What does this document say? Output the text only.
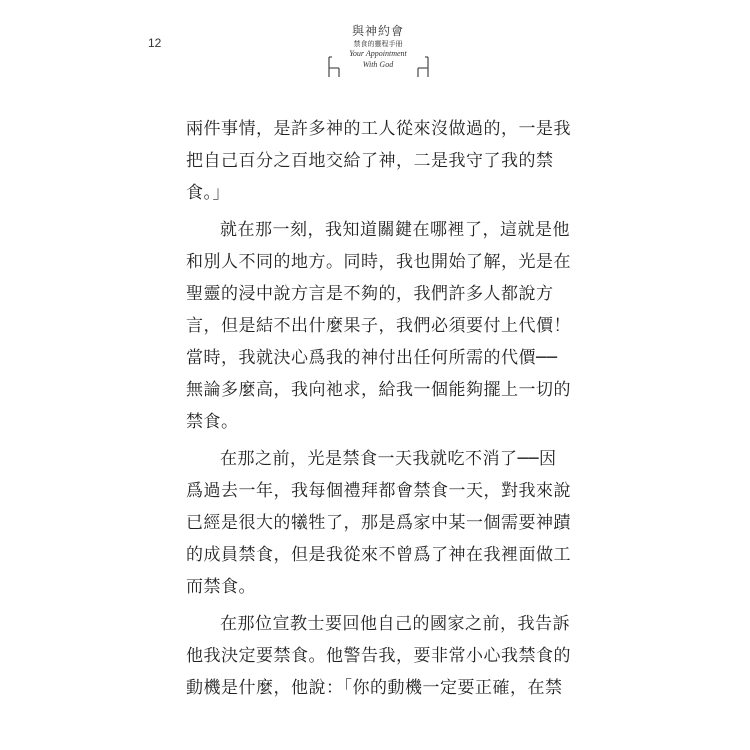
12
與神約會
禁食的靈程手冊
Your Appointment
With God
兩件事情，是許多神的工人從來沒做過的，一是我
把自己百分之百地交給了神，二是我守了我的禁
食。」
就在那一刻，我知道關鍵在哪裡了，這就是他
和別人不同的地方。同時，我也開始了解，光是在
聖靈的浸中說方言是不夠的，我們許多人都說方
言，但是結不出什麼果子，我們必須要付上代價！
當時，我就決心爲我的神付出任何所需的代價──
無論多麼高，我向祂求，給我一個能夠擺上一切的
禁食。
在那之前，光是禁食一天我就吃不消了──因
爲過去一年，我每個禮拜都會禁食一天，對我來說
已經是很大的犧牲了，那是爲家中某一個需要神蹟
的成員禁食，但是我從來不曾爲了神在我裡面做工
而禁食。
在那位宣教士要回他自己的國家之前，我告訴
他我決定要禁食。他警告我，要非常小心我禁食的
動機是什麼，他說：「你的動機一定要正確，在禁
